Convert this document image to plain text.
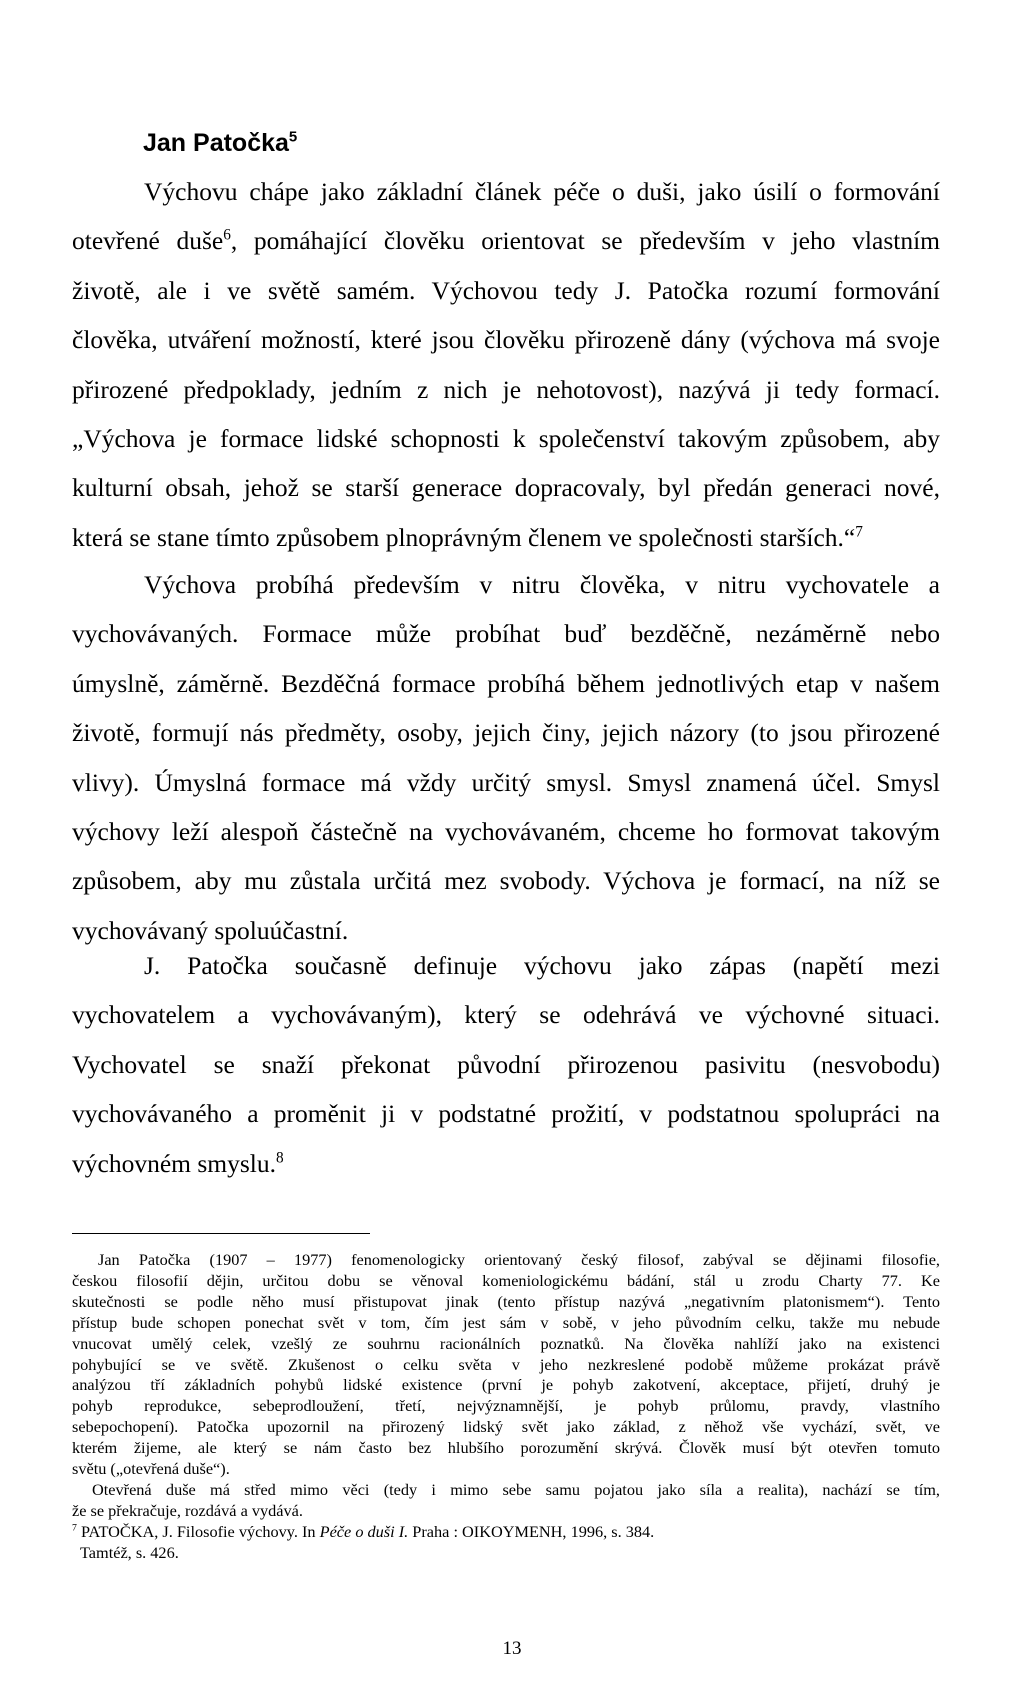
Jan Patočka$^5$

Výchovu chápe jako základní článek péče o duši, jako úsilí o formování
otevřené duše$^6$, pomáhající člověku orientovat se především v jeho vlastním
životě, ale i ve světě samém. Výchovou tedy J. Patočka rozumí formování
člověka, utváření možností, které jsou člověku přirozeně dány (výchova má svoje
přirozené předpoklady, jedním z nich je nehotovost), nazývá ji tedy formací.
„Výchova je formace lidské schopnosti k společenství takovým způsobem, aby
kulturní obsah, jehož se starší generace dopracovaly, byl předán generaci nové,
která se stane tímto způsobem plnoprávným členem ve společnosti starších.“$^7$

Výchova probíhá především v nitru člověka, v nitru vychovatele a
vychovávaných. Formace může probíhat buď bezděčně, nezáměrně nebo
úmyslně, záměrně. Bezděčná formace probíhá během jednotlivých etap v našem
životě, formují nás předměty, osoby, jejich činy, jejich názory (to jsou přirozené
vlivy). Úmyslná formace má vždy určitý smysl. Smysl znamená účel. Smysl
výchovy leží alespoň částečně na vychovávaném, chceme ho formovat takovým
způsobem, aby mu zůstala určitá mez svobody. Výchova je formací, na níž se
vychovávaný spoluúčastní.

J. Patočka současně definuje výchovu jako zápas (napětí mezi
vychovatelem a vychovávaným), který se odehrává ve výchovné situaci.
Vychovatel se snaží překonat původní přirozenou pasivitu (nesvobodu)
vychovávaného a proměnit ji v podstatné prožití, v podstatnou spolupráci na
výchovném smyslu.$^8$

Jan Patočka (1907 – 1977) fenomenologicky orientovaný český filosof, zabýval se dějinami filosofie,
českou filosofií dějin, určitou dobu se věnoval komeniologickému bádání, stál u zrodu Charty 77. Ke
skutečnosti se podle něho musí přistupovat jinak (tento přístup nazývá „negativním platonismem“). Tento
přístup bude schopen ponechat svět v tom, čím jest sám v sobě, v jeho původním celku, takže mu nebude
vnucovat umělý celek, vzešlý ze souhrnu racionálních poznatků. Na člověka nahlíží jako na existenci
pohybující se ve světě. Zkušenost o celku světa v jeho nezkreslené podobě můžeme prokázat právě
analýzou tří základních pohybů lidské existence (první je pohyb zakotvení, akceptace, přijetí, druhý je
pohyb reprodukce, sebeprodloužení, třetí, nejvýznamnější, je pohyb průlomu, pravdy, vlastního
sebepochopení). Patočka upozornil na přirozený lidský svět jako základ, z něhož vše vychází, svět, ve
kterém žijeme, ale který se nám často bez hlubšího porozumění skrývá. Člověk musí být otevřen tomuto
světu („otevřená duše“).
Otevřená duše má střed mimo věci (tedy i mimo sebe samu pojatou jako síla a realita), nachází se tím,
že se překračuje, rozdává a vydává.
$^7$ PATOČKA, J. Filosofie výchovy. In Péče o duši I. Praha : OIKOYMENH, 1996, s. 384.
Tamtéž, s. 426.

13
